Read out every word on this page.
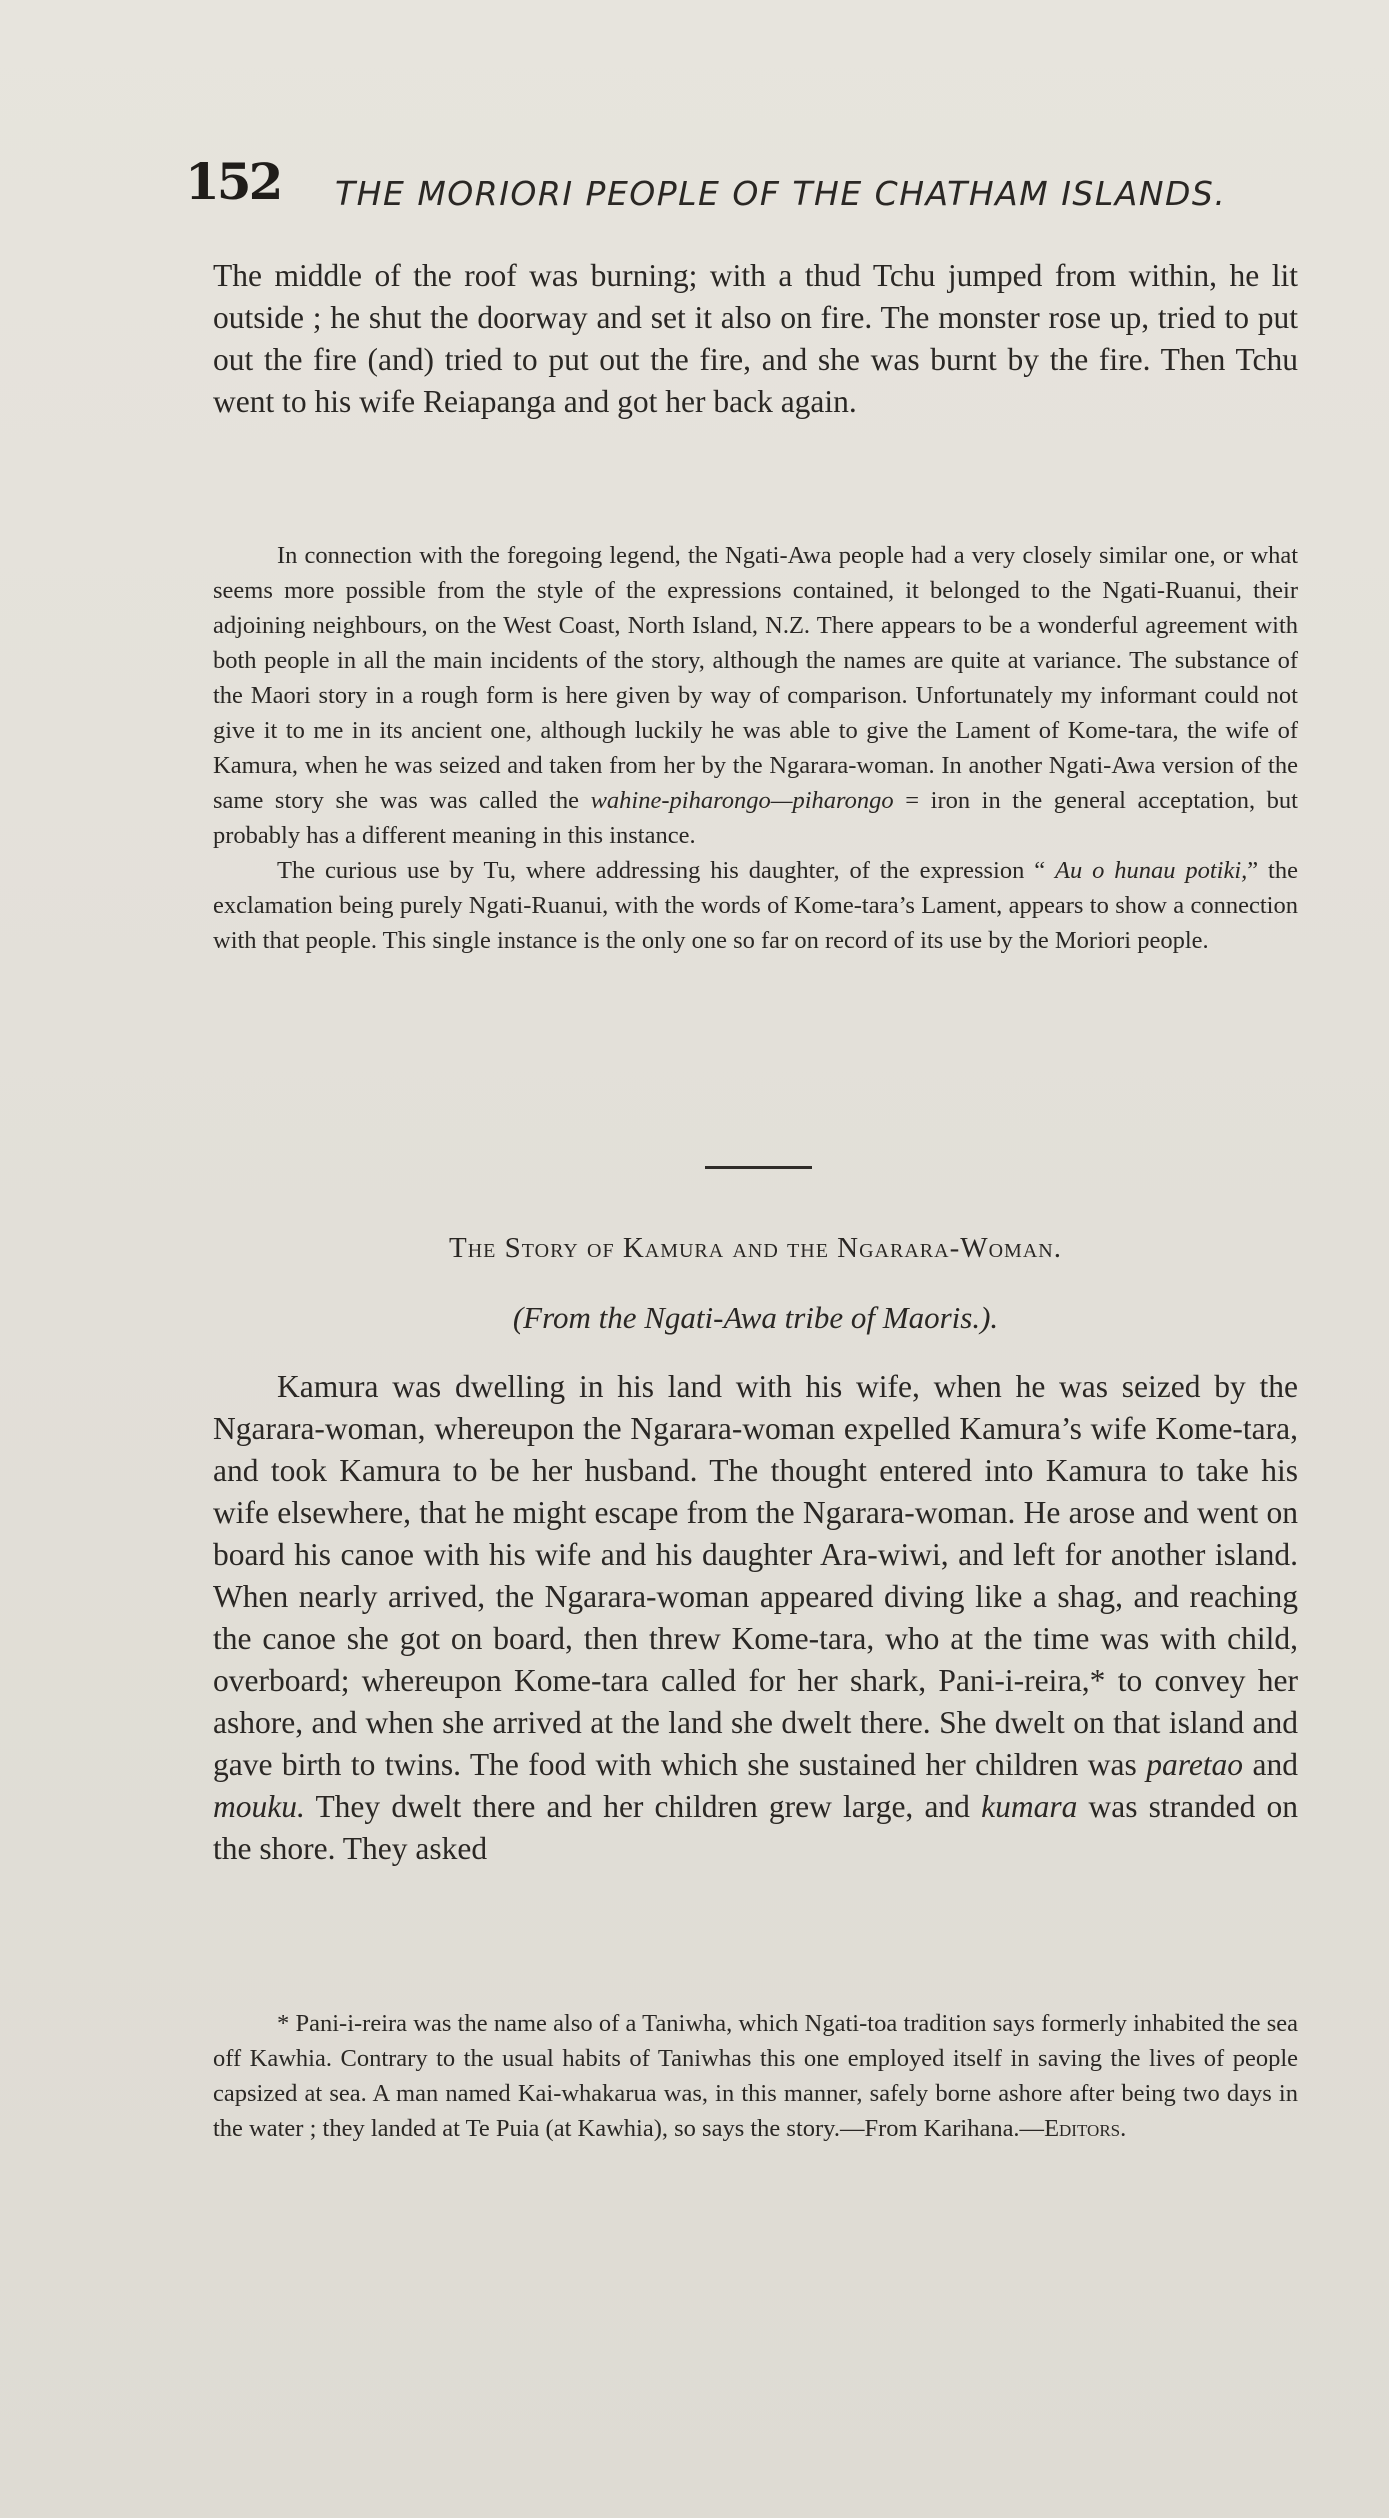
152 THE MORIORI PEOPLE OF THE CHATHAM ISLANDS.

The middle of the roof was burning; with a thud Tchu jumped from within, he lit outside ; he shut the doorway and set it also on fire. The monster rose up, tried to put out the fire (and) tried to put out the fire, and she was burnt by the fire. Then Tchu went to his wife Reiapanga and got her back again.

In connection with the foregoing legend, the Ngati-Awa people had a very closely similar one, or what seems more possible from the style of the expressions contained, it belonged to the Ngati-Ruanui, their adjoining neighbours, on the West Coast, North Island, N.Z. There appears to be a wonderful agreement with both people in all the main incidents of the story, although the names are quite at variance. The substance of the Maori story in a rough form is here given by way of comparison. Unfortunately my informant could not give it to me in its ancient one, although luckily he was able to give the Lament of Kome-tara, the wife of Kamura, when he was seized and taken from her by the Ngarara-woman. In another Ngati-Awa version of the same story she was was called the wahine-piharongo—piharongo = iron in the general acceptation, but probably has a different meaning in this instance.

The curious use by Tu, where addressing his daughter, of the expression “ Au o hunau potiki,” the exclamation being purely Ngati-Ruanui, with the words of Kome-tara’s Lament, appears to show a connection with that people. This single instance is the only one so far on record of its use by the Moriori people.

The Story of Kamura and the Ngarara-Woman.
(From the Ngati-Awa tribe of Maoris.).

Kamura was dwelling in his land with his wife, when he was seized by the Ngarara-woman, whereupon the Ngarara-woman expelled Kamura’s wife Kome-tara, and took Kamura to be her husband. The thought entered into Kamura to take his wife elsewhere, that he might escape from the Ngarara-woman. He arose and went on board his canoe with his wife and his daughter Ara-wiwi, and left for another island. When nearly arrived, the Ngarara-woman appeared diving like a shag, and reaching the canoe she got on board, then threw Kome-tara, who at the time was with child, overboard; whereupon Kome-tara called for her shark, Pani-i-reira,* to convey her ashore, and when she arrived at the land she dwelt there. She dwelt on that island and gave birth to twins. The food with which she sustained her children was paretao and mouku. They dwelt there and her children grew large, and kumara was stranded on the shore. They asked

* Pani-i-reira was the name also of a Taniwha, which Ngati-toa tradition says formerly inhabited the sea off Kawhia. Contrary to the usual habits of Taniwhas this one employed itself in saving the lives of people capsized at sea. A man named Kai-whakarua was, in this manner, safely borne ashore after being two days in the water ; they landed at Te Puia (at Kawhia), so says the story.—From Karihana.—Editors.
